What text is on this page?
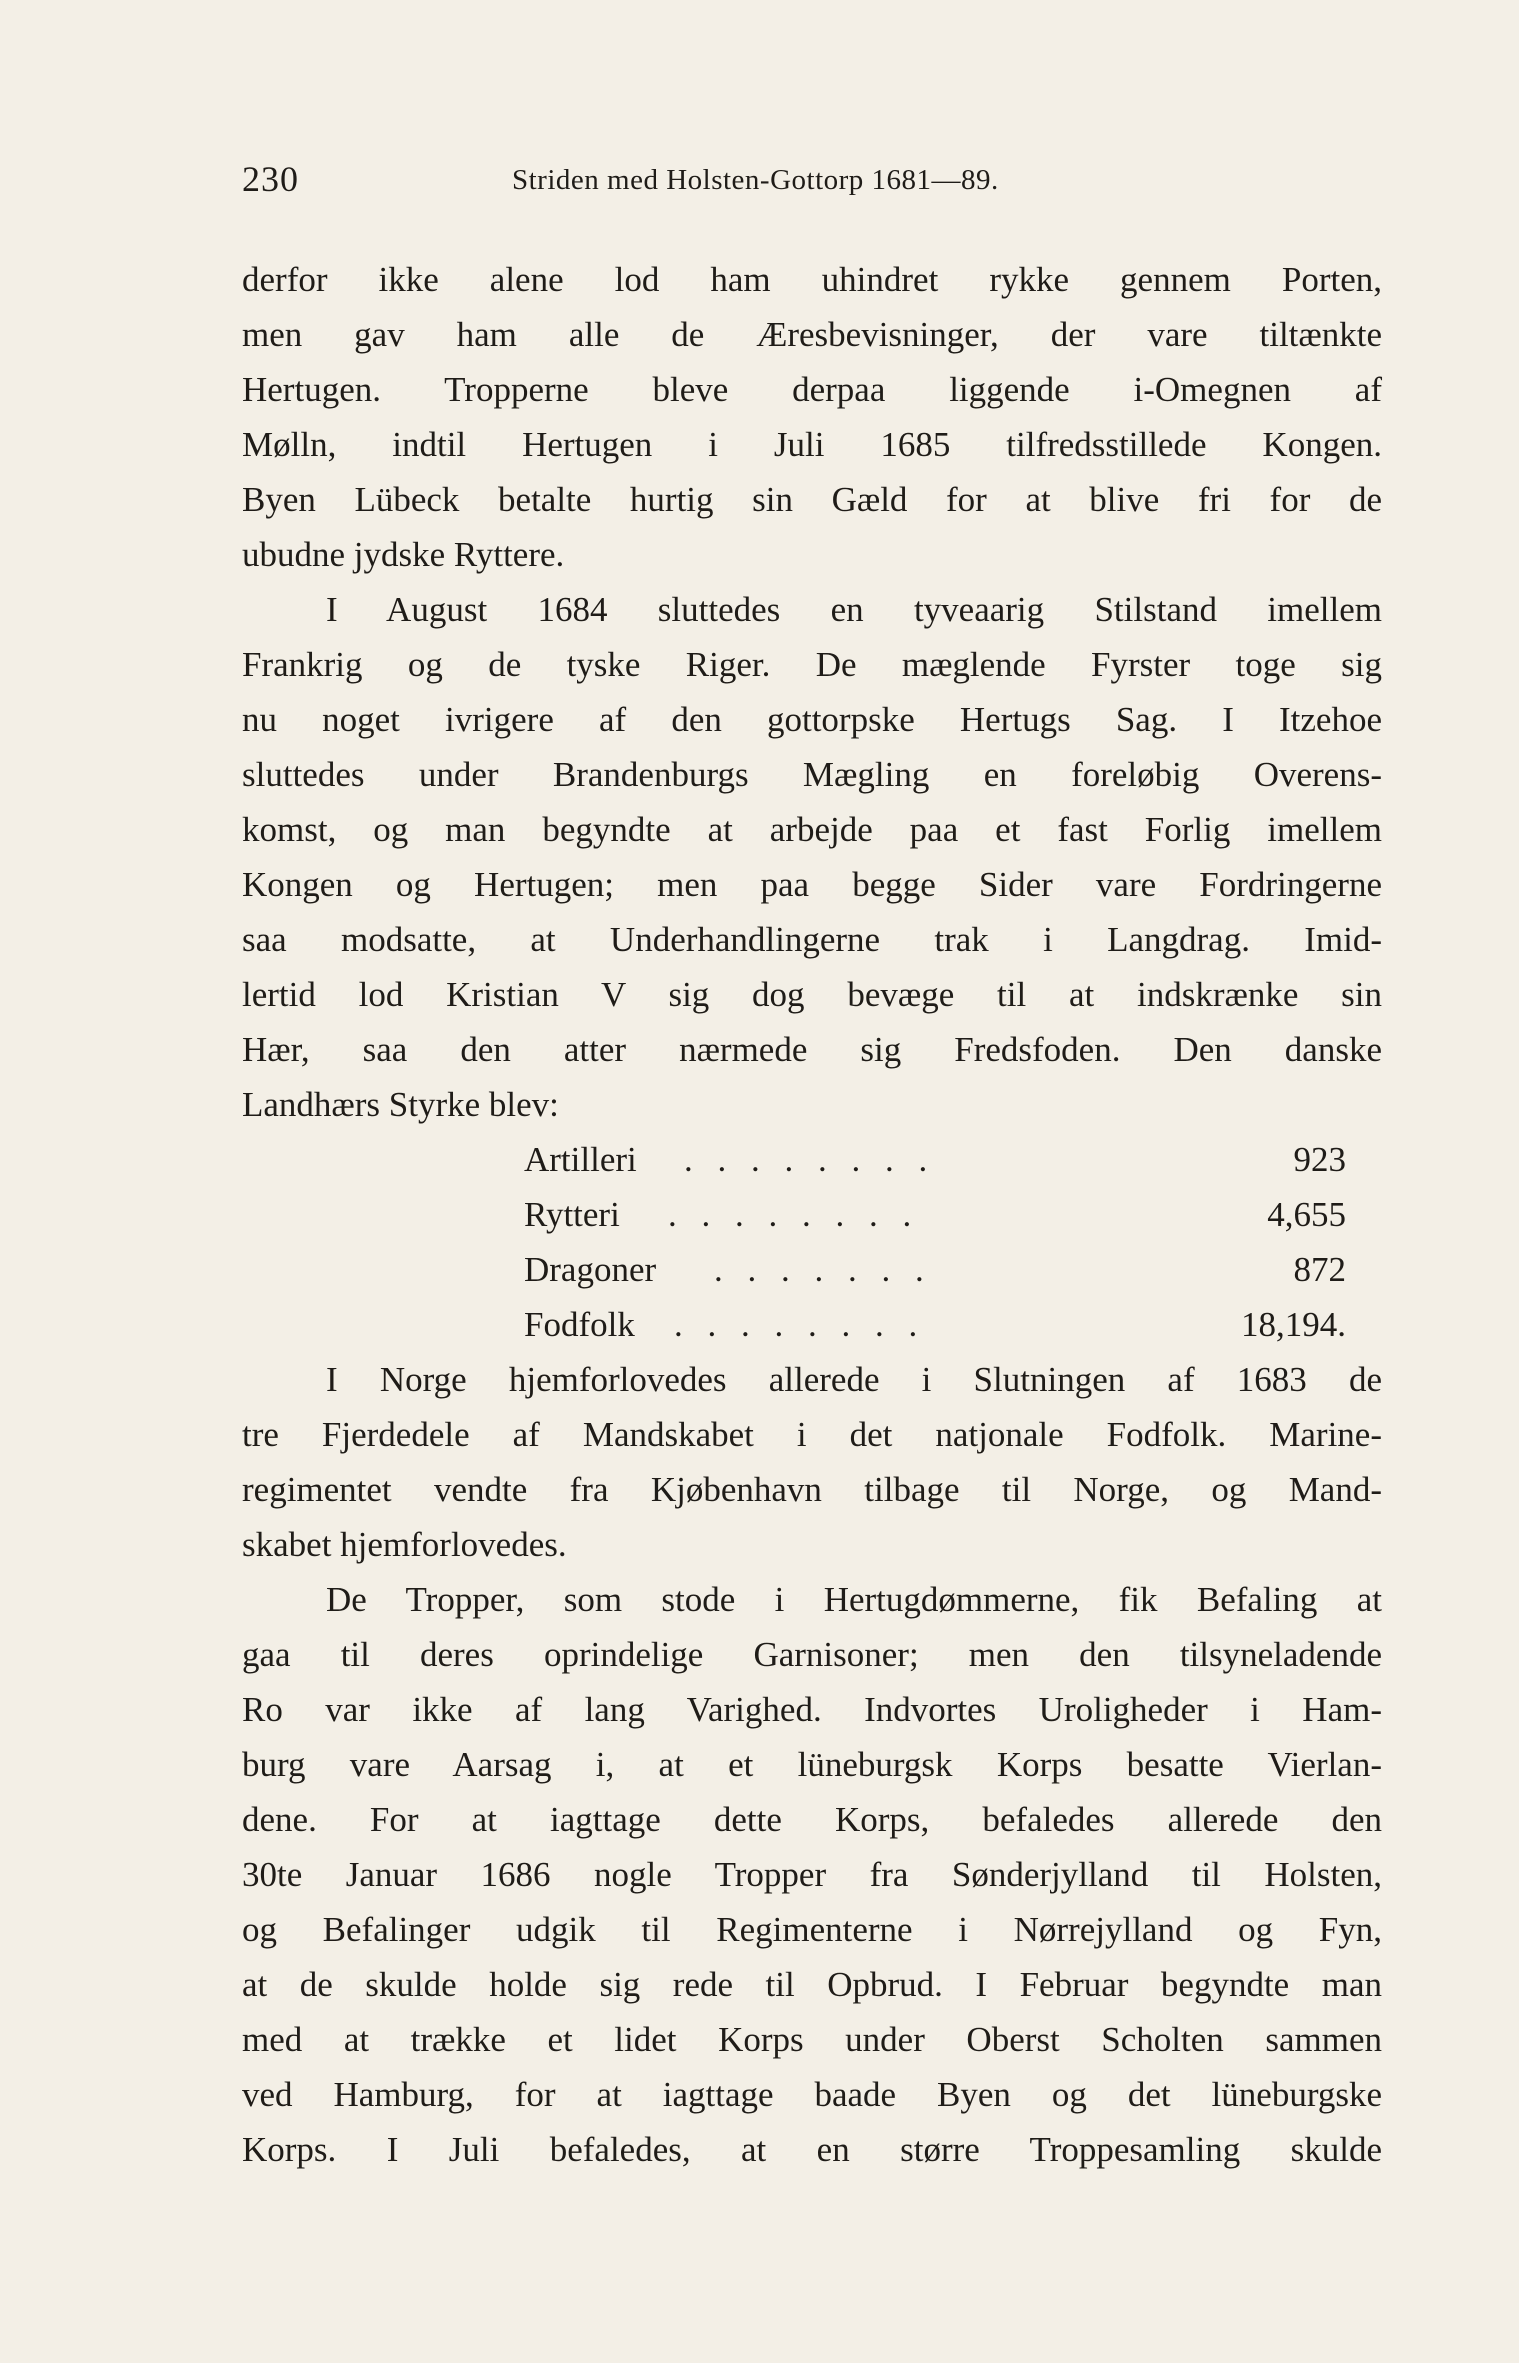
230	Striden med Holsten-Gottorp 1681—89.
derfor ikke alene lod ham uhindret rykke gennem Porten,
men gav ham alle de Æresbevisninger, der vare tiltænkte
Hertugen. Tropperne bleve derpaa liggende i-Omegnen af
Mølln, indtil Hertugen i Juli 1685 tilfredsstillede Kongen.
Byen Lübeck betalte hurtig sin Gæld for at blive fri for de
ubudne jydske Ryttere.
I August 1684 sluttedes en tyveaarig Stilstand imellem
Frankrig og de tyske Riger. De mæglende Fyrster toge sig
nu noget ivrigere af den gottorpske Hertugs Sag. I Itzehoe
sluttedes under Brandenburgs Mægling en foreløbig Overens-
komst, og man begyndte at arbejde paa et fast Forlig imellem
Kongen og Hertugen; men paa begge Sider vare Fordringerne
saa modsatte, at Underhandlingerne trak i Langdrag. Imid-
lertid lod Kristian V sig dog bevæge til at indskrænke sin
Hær, saa den atter nærmede sig Fredsfoden. Den danske
Landhærs Styrke blev:
Artilleri . . . . . . . .	923
Rytteri . . . . . . . .	4,655
Dragoner . . . . . . .	872
Fodfolk . . . . . . . .	18,194.
I Norge hjemforlovedes allerede i Slutningen af 1683 de
tre Fjerdedele af Mandskabet i det natjonale Fodfolk. Marine-
regimentet vendte fra Kjøbenhavn tilbage til Norge, og Mand-
skabet hjemforlovedes.
De Tropper, som stode i Hertugdømmerne, fik Befaling at
gaa til deres oprindelige Garnisoner; men den tilsyneladende
Ro var ikke af lang Varighed. Indvortes Uroligheder i Ham-
burg vare Aarsag i, at et lüneburgsk Korps besatte Vierlan-
dene. For at iagttage dette Korps, befaledes allerede den
30te Januar 1686 nogle Tropper fra Sønderjylland til Holsten,
og Befalinger udgik til Regimenterne i Nørrejylland og Fyn,
at de skulde holde sig rede til Opbrud. I Februar begyndte man
med at trække et lidet Korps under Oberst Scholten sammen
ved Hamburg, for at iagttage baade Byen og det lüneburgske
Korps. I Juli befaledes, at en større Troppesamling skulde
